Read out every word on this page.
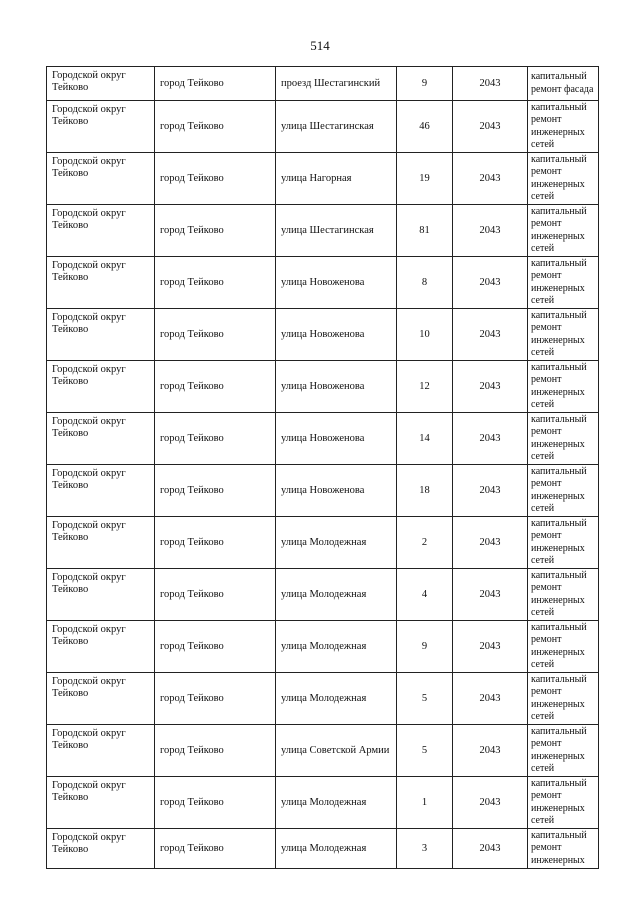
514
Городской округ Тейково	город Тейково	проезд Шестагинский	9	2043	капитальный ремонт фасада
Городской округ Тейково	город Тейково	улица Шестагинская	46	2043	капитальный ремонт инженерных сетей
Городской округ Тейково	город Тейково	улица Нагорная	19	2043	капитальный ремонт инженерных сетей
Городской округ Тейково	город Тейково	улица Шестагинская	81	2043	капитальный ремонт инженерных сетей
Городской округ Тейково	город Тейково	улица Новоженова	8	2043	капитальный ремонт инженерных сетей
Городской округ Тейково	город Тейково	улица Новоженова	10	2043	капитальный ремонт инженерных сетей
Городской округ Тейково	город Тейково	улица Новоженова	12	2043	капитальный ремонт инженерных сетей
Городской округ Тейково	город Тейково	улица Новоженова	14	2043	капитальный ремонт инженерных сетей
Городской округ Тейково	город Тейково	улица Новоженова	18	2043	капитальный ремонт инженерных сетей
Городской округ Тейково	город Тейково	улица Молодежная	2	2043	капитальный ремонт инженерных сетей
Городской округ Тейково	город Тейково	улица Молодежная	4	2043	капитальный ремонт инженерных сетей
Городской округ Тейково	город Тейково	улица Молодежная	9	2043	капитальный ремонт инженерных сетей
Городской округ Тейково	город Тейково	улица Молодежная	5	2043	капитальный ремонт инженерных сетей
Городской округ Тейково	город Тейково	улица Советской Армии	5	2043	капитальный ремонт инженерных сетей
Городской округ Тейково	город Тейково	улица Молодежная	1	2043	капитальный ремонт инженерных сетей
Городской округ Тейково	город Тейково	улица Молодежная	3	2043	капитальный ремонт инженерных
